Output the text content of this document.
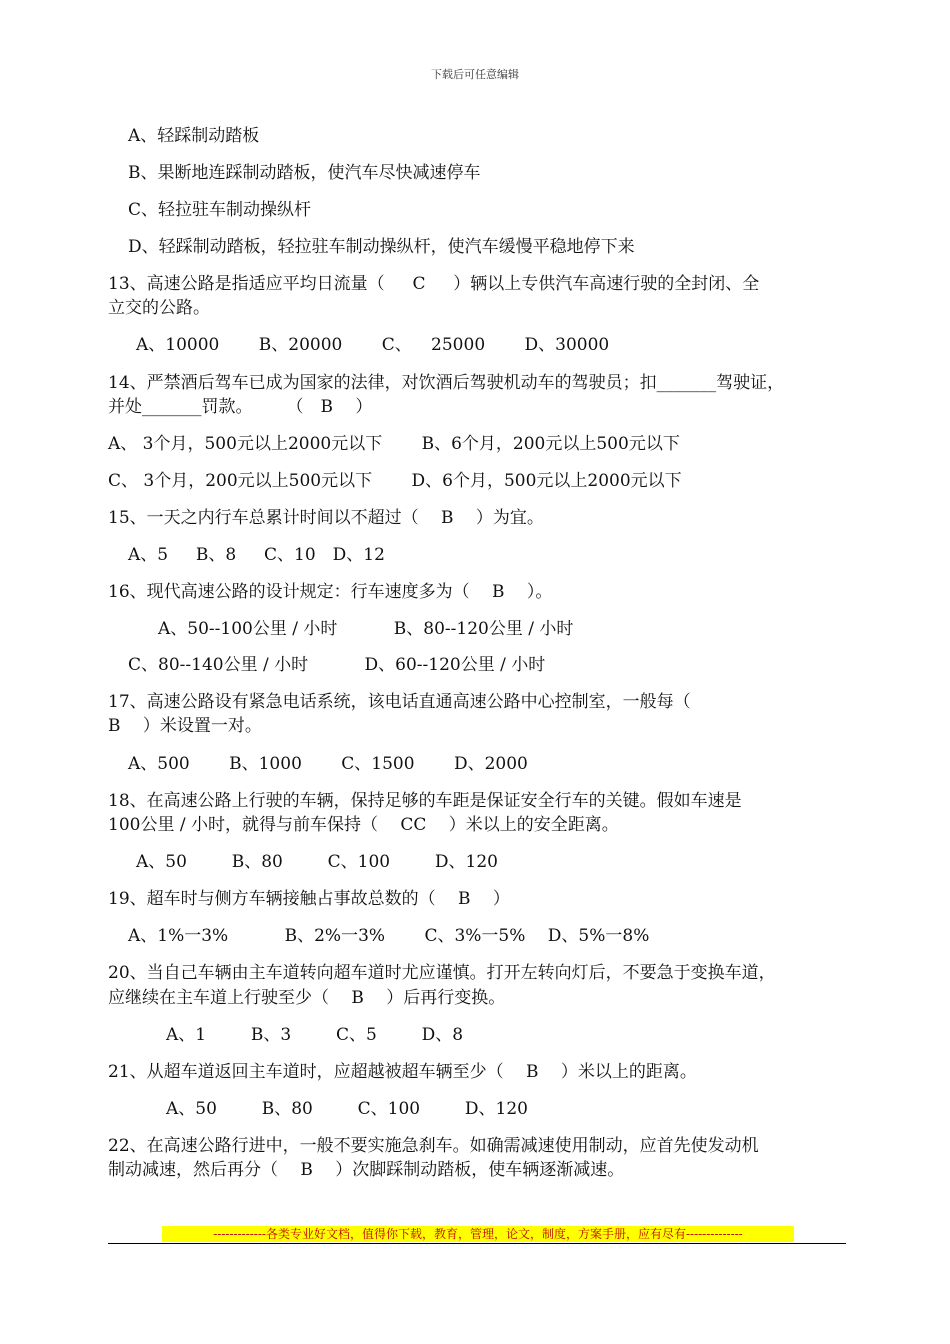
下载后可任意编辑
A、轻踩制动踏板
B、果断地连踩制动踏板，使汽车尽快减速停车
C、轻拉驻车制动操纵杆
D、轻踩制动踏板，轻拉驻车制动操纵杆，使汽车缓慢平稳地停下来
13、高速公路是指适应平均日流量（　  C　  ）辆以上专供汽车高速行驶的全封闭、全
立交的公路。
A、10000　　 B、20000　　 C、　  25000　　 D、30000
14、严禁酒后驾车已成为国家的法律，对饮酒后驾驶机动车的驾驶员；扣_______驾驶证，
并处_______罚款。　　　（　B　 ）
A、 3个月，500元以上2000元以下　　 B、6个月，200元以上500元以下
C、 3个月，200元以上500元以下　　 D、6个月，500元以上2000元以下
15、一天之内行车总累计时间以不超过（　 B　 ）为宜。
A、5　  B、8　  C、10　D、12
16、现代高速公路的设计规定：行车速度多为（　 B　 ）。
A、50--100公里 / 小时　　　 B、80--120公里 / 小时
C、80--140公里 / 小时　　　 D、60--120公里 / 小时
17、高速公路设有紧急电话系统，该电话直通高速公路中心控制室，一般每（
B　 ）米设置一对。
A、500　　 B、1000　　 C、1500　　 D、2000
18、在高速公路上行驶的车辆，保持足够的车距是保证安全行车的关键。假如车速是
100公里 / 小时，就得与前车保持（　 CC　 ）米以上的安全距离。
A、50　　  B、80　　  C、100　　  D、120
19、超车时与侧方车辆接触占事故总数的（　 B　 ）
A、1%一3%　　　 B、2%一3%　　 C、3%一5%　 D、5%一8%
20、当自己车辆由主车道转向超车道时尤应谨慎。打开左转向灯后，不要急于变换车道，
应继续在主车道上行驶至少（　 B　 ）后再行变换。
A、1　　  B、3　　  C、5　　  D、8
21、从超车道返回主车道时，应超越被超车辆至少（　 B　 ）米以上的距离。
A、50　　  B、80　　  C、100　　  D、120
22、在高速公路行进中，一般不要实施急刹车。如确需减速使用制动，应首先使发动机
制动减速，然后再分（　 B　 ）次脚踩制动踏板，使车辆逐渐减速。
-------------各类专业好文档，值得你下载，教育，管理，论文，制度，方案手册，应有尽有--------------
